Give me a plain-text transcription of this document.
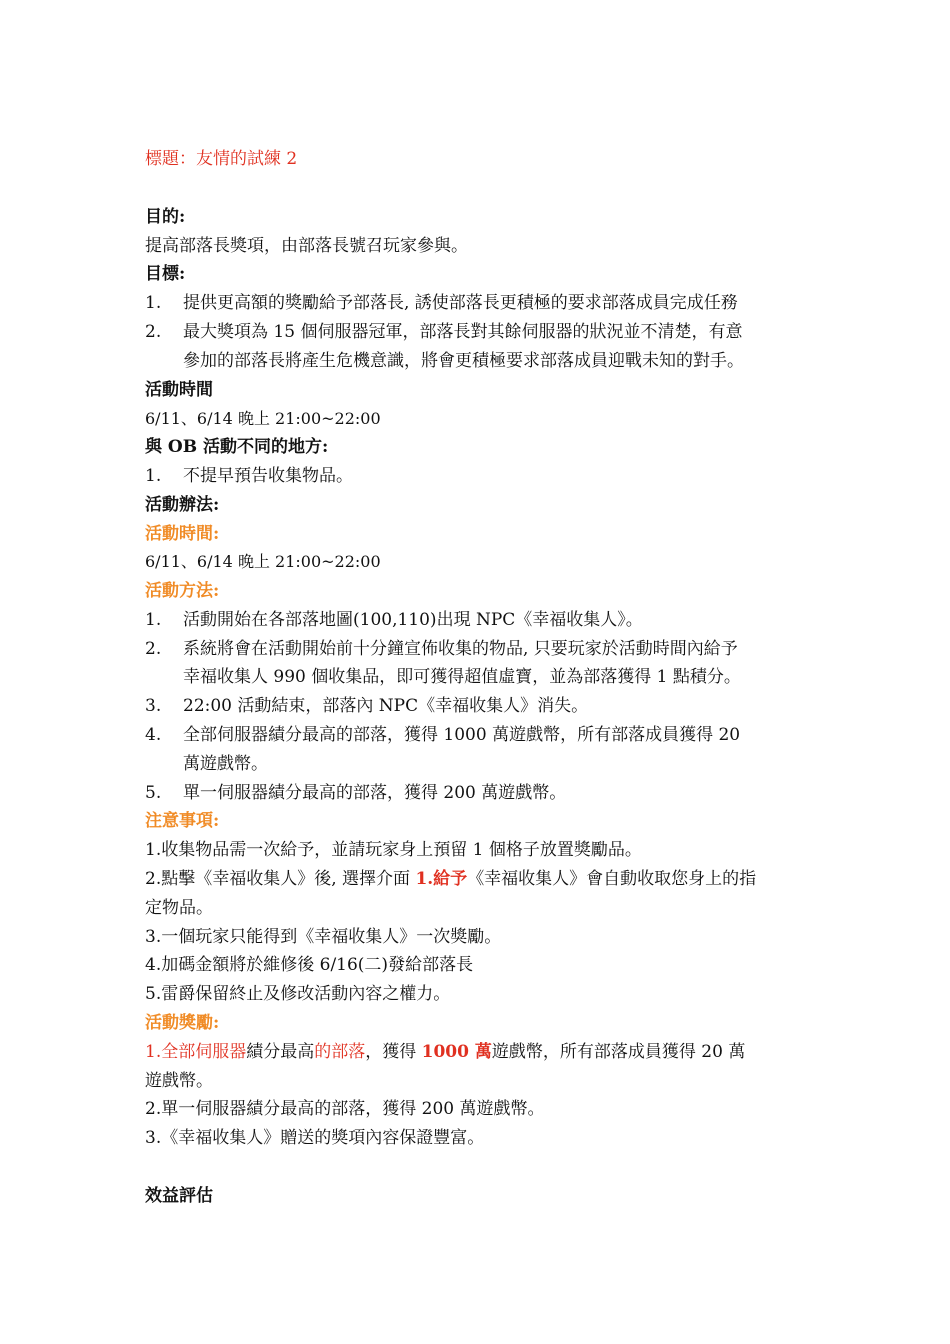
標題：友情的試練 2
目的:
提高部落長獎項，由部落長號召玩家參與。
目標:
1. 提供更高額的獎勵給予部落長, 誘使部落長更積極的要求部落成員完成任務
2. 最大獎項為 15 個伺服器冠軍，部落長對其餘伺服器的狀況並不清楚，有意
參加的部落長將產生危機意識，將會更積極要求部落成員迎戰未知的對手。
活動時間
6/11、6/14 晚上 21:00~22:00
與 OB 活動不同的地方:
1. 不提早預告收集物品。
活動辦法:
活動時間:
6/11、6/14 晚上 21:00~22:00
活動方法:
1. 活動開始在各部落地圖(100,110)出現 NPC《幸福收集人》。
2. 系統將會在活動開始前十分鐘宣佈收集的物品, 只要玩家於活動時間內給予
幸福收集人 990 個收集品，即可獲得超值虛寶，並為部落獲得 1 點積分。
3. 22:00 活動結束，部落內 NPC《幸福收集人》消失。
4. 全部伺服器績分最高的部落，獲得 1000 萬遊戲幣，所有部落成員獲得 20
萬遊戲幣。
5. 單一伺服器績分最高的部落，獲得 200 萬遊戲幣。
注意事項:
1.收集物品需一次給予，並請玩家身上預留 1 個格子放置獎勵品。
2.點擊《幸福收集人》後, 選擇介面 1.給予《幸福收集人》會自動收取您身上的指
定物品。
3.一個玩家只能得到《幸福收集人》一次獎勵。
4.加碼金額將於維修後 6/16(二)發給部落長
5.雷爵保留終止及修改活動內容之權力。
活動獎勵:
1.全部伺服器績分最高的部落，獲得 1000 萬遊戲幣，所有部落成員獲得 20 萬
遊戲幣。
2.單一伺服器績分最高的部落，獲得 200 萬遊戲幣。
3.《幸福收集人》贈送的獎項內容保證豐富。
效益評估
